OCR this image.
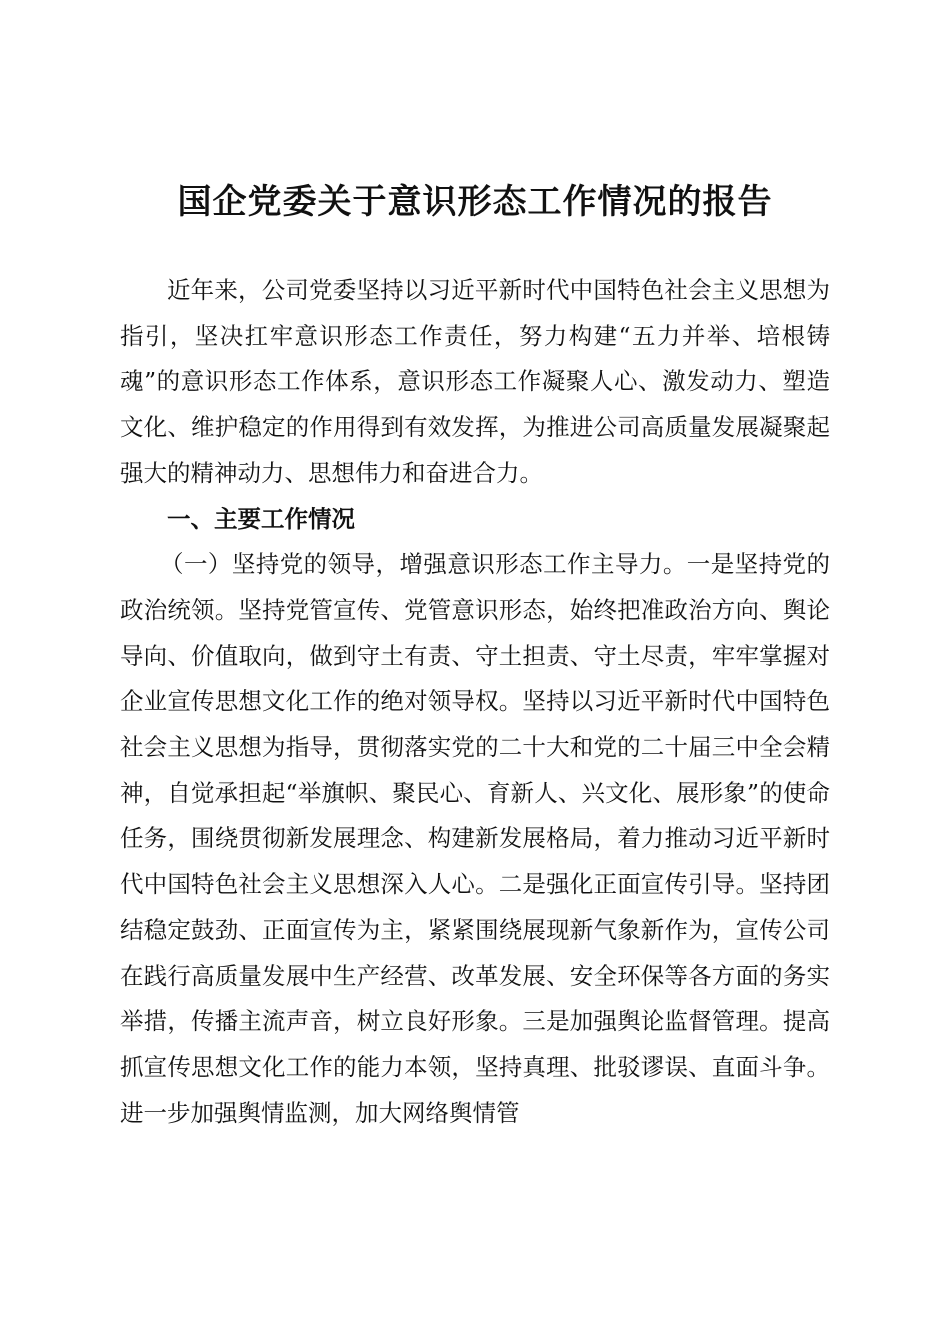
国企党委关于意识形态工作情况的报告

近年来，公司党委坚持以习近平新时代中国特色社会主义思想为指引，坚决扛牢意识形态工作责任，努力构建“五力并举、培根铸魂”的意识形态工作体系，意识形态工作凝聚人心、激发动力、塑造文化、维护稳定的作用得到有效发挥，为推进公司高质量发展凝聚起强大的精神动力、思想伟力和奋进合力。

一、主要工作情况

（一）坚持党的领导，增强意识形态工作主导力。一是坚持党的政治统领。坚持党管宣传、党管意识形态，始终把准政治方向、舆论导向、价值取向，做到守土有责、守土担责、守土尽责，牢牢掌握对企业宣传思想文化工作的绝对领导权。坚持以习近平新时代中国特色社会主义思想为指导，贯彻落实党的二十大和党的二十届三中全会精神，自觉承担起“举旗帜、聚民心、育新人、兴文化、展形象”的使命任务，围绕贯彻新发展理念、构建新发展格局，着力推动习近平新时代中国特色社会主义思想深入人心。二是强化正面宣传引导。坚持团结稳定鼓劲、正面宣传为主，紧紧围绕展现新气象新作为，宣传公司在践行高质量发展中生产经营、改革发展、安全环保等各方面的务实举措，传播主流声音，树立良好形象。三是加强舆论监督管理。提高抓宣传思想文化工作的能力本领，坚持真理、批驳谬误、直面斗争。进一步加强舆情监测，加大网络舆情管
